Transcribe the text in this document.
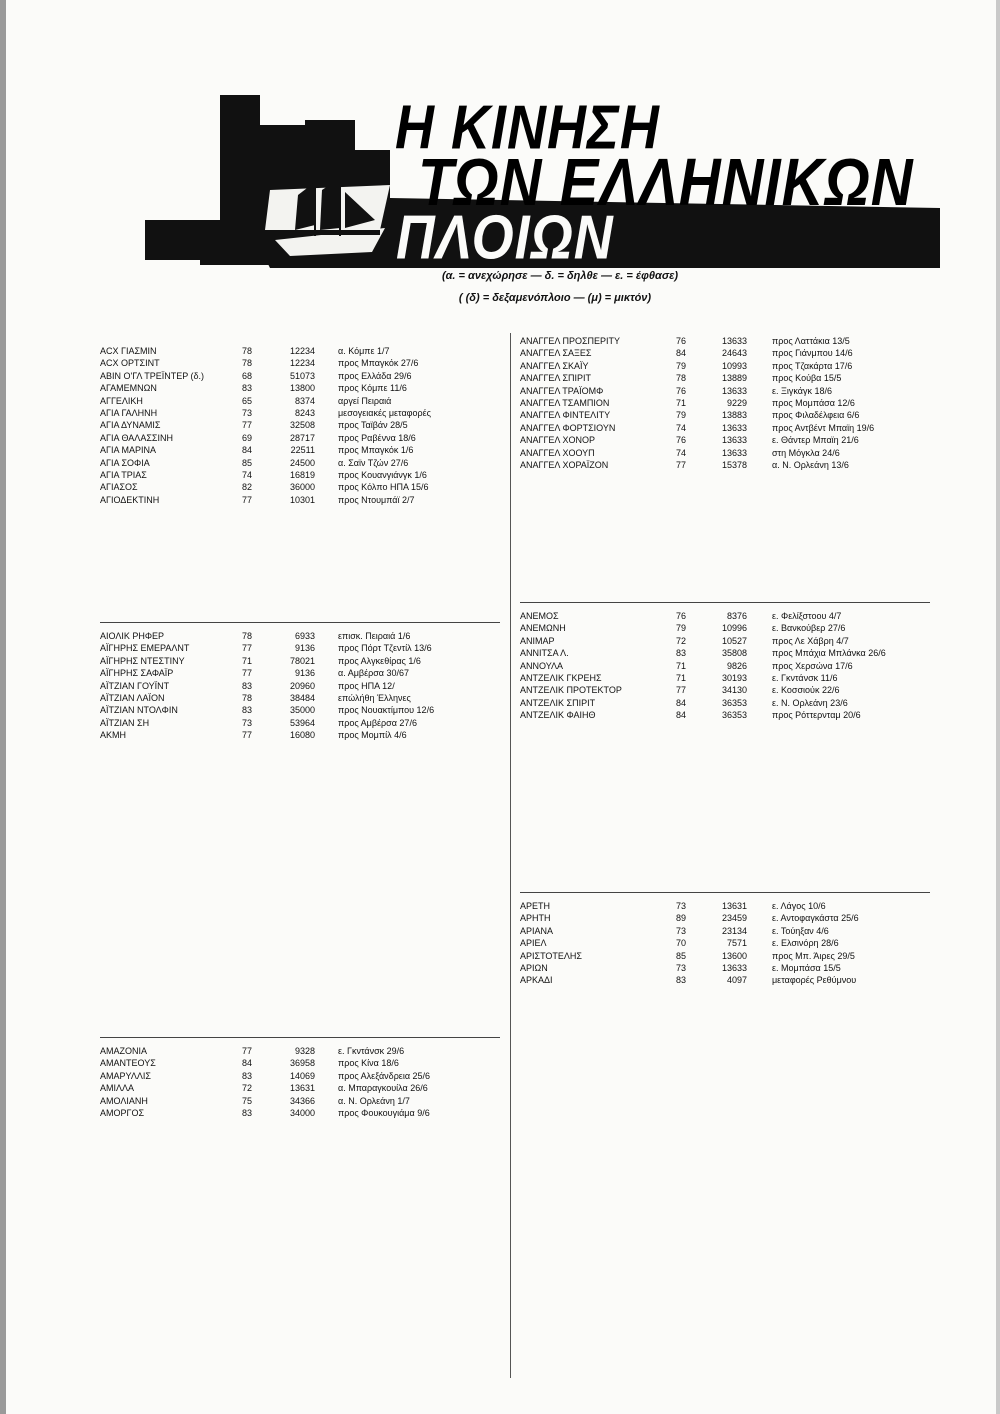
Η ΚΙΝΗΣΗ
ΤΩΝ ΕΛΛΗΝΙΚΩΝ
ΠΛΟΙΩΝ
(α. = ανεχώρησε — δ. = δηλθε — ε. = έφθασε)
( (δ) = δεξαμενόπλοιο — (μ) = μικτόν)
ΑCΧ ΓΙΑΣΜΙΝ	78	12234	α. Κόμπε 1/7
ΑCΧ ΟΡΤΣΙΝΤ	78	12234	προς Μπαγκόκ 27/6
ΑΒΙΝ Ο'ΓΛ ΤΡΕΪΝΤΕΡ (δ.)	68	51073	προς Ελλάδα 29/6
ΑΓΑΜΕΜΝΩΝ	83	13800	προς Κόμπε 11/6
ΑΓΓΕΛΙΚΗ	65	8374	αργεί Πειραιά
ΑΓΙΑ ΓΑΛΗΝΗ	73	8243	μεσογειακές μεταφορές
ΑΓΙΑ ΔΥΝΑΜΙΣ	77	32508	προς Ταϊβάν 28/5
ΑΓΙΑ ΘΑΛΑΣΣΙΝΗ	69	28717	προς Ραβέννα 18/6
ΑΓΙΑ ΜΑΡΙΝΑ	84	22511	προς Μπαγκόκ 1/6
ΑΓΙΑ ΣΟΦΙΑ	85	24500	α. Σαϊν Τζών 27/6
ΑΓΙΑ ΤΡΙΑΣ	74	16819	προς Κουανγιάνγκ 1/6
ΑΓΙΑΣΟΣ	82	36000	προς Κόλπο ΗΠΑ 15/6
ΑΓΙΟΔΕΚΤΙΝΗ	77	10301	προς Ντουμπάϊ 2/7
ΑΙΟΛΙΚ ΡΗΦΕΡ	78	6933	επισκ. Πειραιά 1/6
ΑΪΓΗΡΗΣ ΕΜΕΡΑΛΝΤ	77	9136	προς Πόρτ Τζεντίλ 13/6
ΑΪΓΗΡΗΣ ΝΤΕΣΤΙΝΥ	71	78021	προς Αλγκεθίρας 1/6
ΑΪΓΗΡΗΣ ΣΑΦΑΪΡ	77	9136	α. Αμβέρσα 30/67
ΑΪΤΖΙΑΝ ΓΟΥΪΝΤ	83	20960	προς ΗΠΑ 12/
ΑΪΤΖΙΑΝ ΛΑΪΟΝ	78	38484	επώλήθη Έλληνες
ΑΪΤΖΙΑΝ ΝΤΟΛΦΙΝ	83	35000	προς Νουακτίμπου 12/6
ΑΪΤΖΙΑΝ ΣΗ	73	53964	προς Αμβέρσα 27/6
ΑΚΜΗ	77	16080	προς Μομπίλ 4/6
ΑΜΑΖΟΝΙΑ	77	9328	ε. Γκντάνσκ 29/6
ΑΜΑΝΤΕΟΥΣ	84	36958	προς Κίνα 18/6
ΑΜΑΡΥΛΛΙΣ	83	14069	προς Αλεξάνδρεια 25/6
ΑΜΙΛΛΑ	72	13631	α. Μπαραγκουίλα 26/6
ΑΜΟΛΙΑΝΗ	75	34366	α. Ν. Ορλεάνη 1/7
ΑΜΟΡΓΟΣ	83	34000	προς Φουκουγιάμα 9/6
ΑΝΑΓΓΕΛ ΠΡΟΣΠΕΡΙΤΥ	76	13633	προς Λαττάκια 13/5
ΑΝΑΓΓΕΛ ΣΑΞΕΣ	84	24643	προς Γιάνμπου 14/6
ΑΝΑΓΓΕΛ ΣΚΑΪΥ	79	10993	προς Τζακάρτα 17/6
ΑΝΑΓΓΕΛ ΣΠΙΡΙΤ	78	13889	προς Κούβα 15/5
ΑΝΑΓΓΕΛ ΤΡΑΪΟΜΦ	76	13633	ε. Ξιγκάγκ 18/6
ΑΝΑΓΓΕΛ ΤΣΑΜΠΙΟΝ	71	9229	προς Μομπάσα 12/6
ΑΝΑΓΓΕΛ ΦΙΝΤΕΛΙΤΥ	79	13883	προς Φιλαδέλφεια 6/6
ΑΝΑΓΓΕΛ ΦΟΡΤΣΙΟΥΝ	74	13633	προς Αντβέντ Μπαϊη 19/6
ΑΝΑΓΓΕΛ ΧΟΝΟΡ	76	13633	ε. Θάντερ Μπαϊη 21/6
ΑΝΑΓΓΕΛ ΧΟΟΥΠ	74	13633	στη Μόγκλα 24/6
ΑΝΑΓΓΕΛ ΧΟΡΑΪΖΟΝ	77	15378	α. Ν. Ορλεάνη 13/6
ΑΝΕΜΟΣ	76	8376	ε. Φελίξστοου 4/7
ΑΝΕΜΩΝΗ	79	10996	ε. Βανκούβερ 27/6
ΑΝΙΜΑΡ	72	10527	προς Λε Χάβρη 4/7
ΑΝΝΙΤΣΑ Λ.	83	35808	προς Μπάχια Μπλάνκα 26/6
ΑΝΝΟΥΛΑ	71	9826	προς Χερσώνα 17/6
ΑΝΤΖΕΛΙΚ ΓΚΡΕΗΣ	71	30193	ε. Γκντάνσκ 11/6
ΑΝΤΖΕΛΙΚ ΠΡΟΤΕΚΤΟΡ	77	34130	ε. Κοσσιούκ 22/6
ΑΝΤΖΕΛΙΚ ΣΠΙΡΙΤ	84	36353	ε. Ν. Ορλεάνη 23/6
ΑΝΤΖΕΛΙΚ ΦΑΙΗΘ	84	36353	προς Ρόττερνταμ 20/6
ΑΡΕΤΗ	73	13631	ε. Λάγος 10/6
ΑΡΗΤΗ	89	23459	ε. Αντοφαγκάστα 25/6
ΑΡΙΑΝΑ	73	23134	ε. Τούηξαν 4/6
ΑΡΙΕΛ	70	7571	ε. Ελσινόρη 28/6
ΑΡΙΣΤΟΤΕΛΗΣ	85	13600	προς Μπ. Άιρες 29/5
ΑΡΙΩΝ	73	13633	ε. Μομπάσα 15/5
ΑΡΚΑΔΙ	83	4097	μεταφορές Ρεθύμνου
